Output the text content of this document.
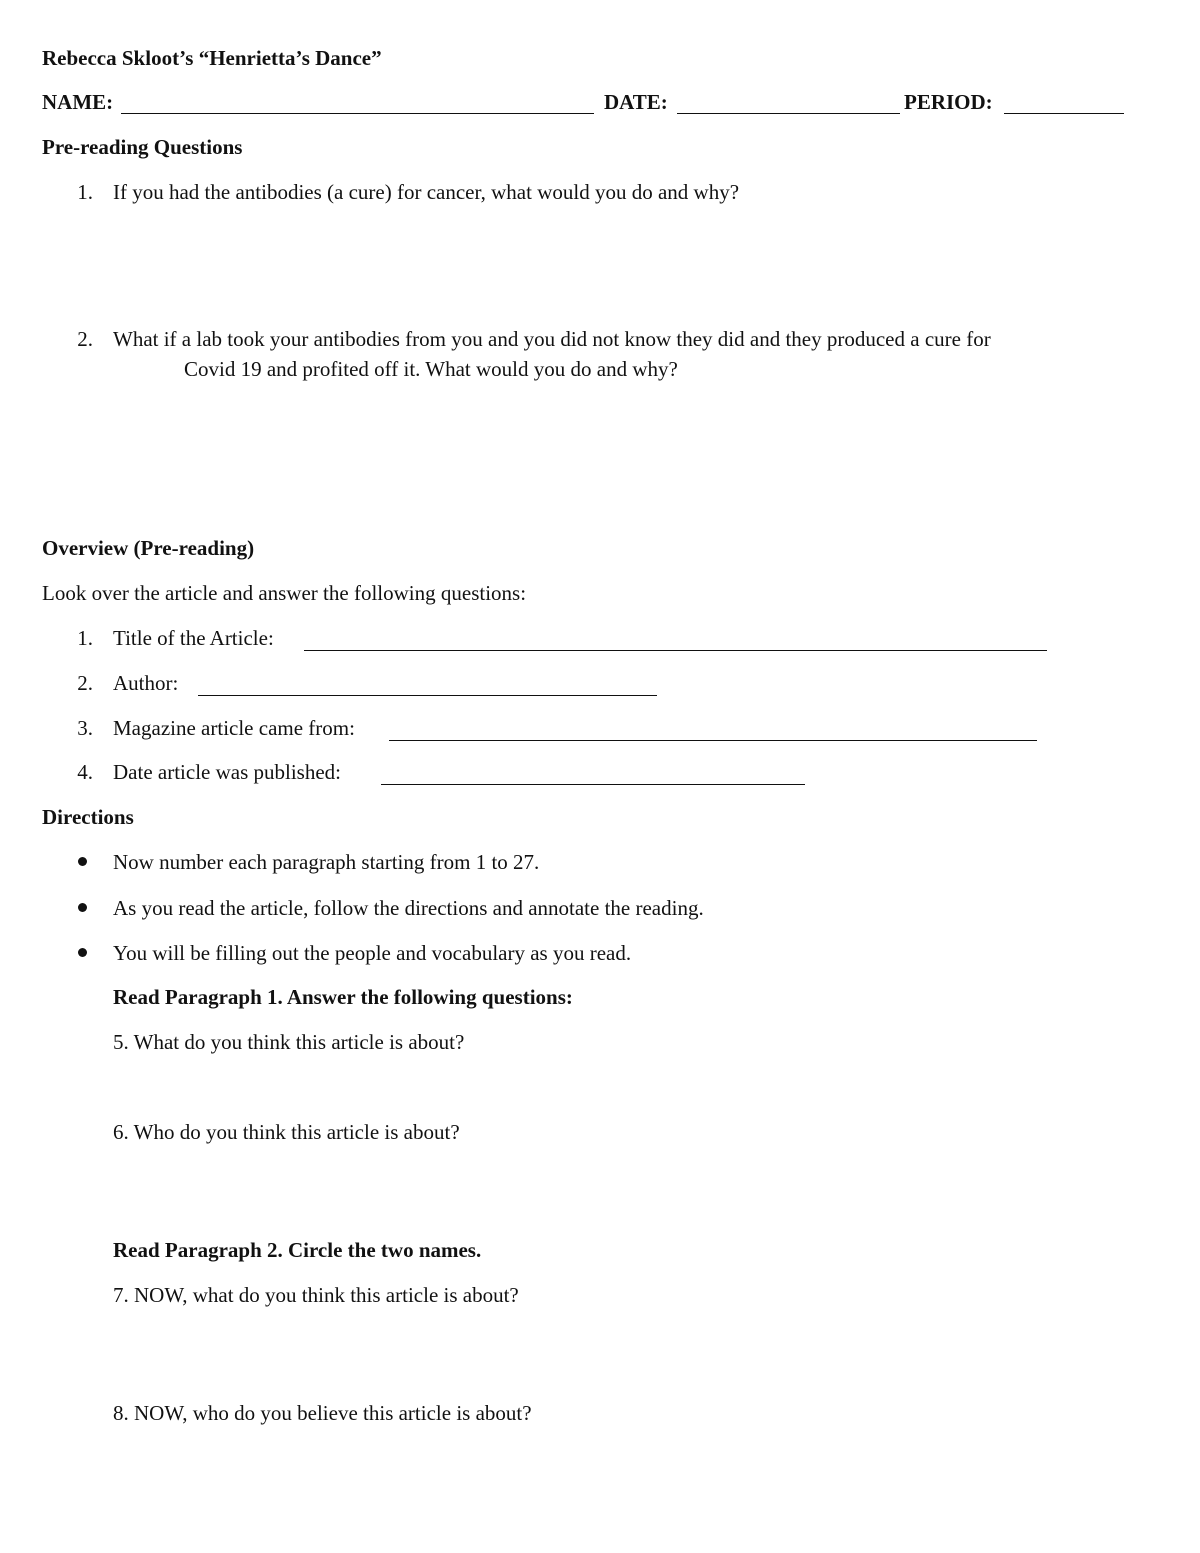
Rebecca Skloot’s “Henrietta’s Dance”
NAME:	DATE:	PERIOD:
Pre-reading Questions
1. If you had the antibodies (a cure) for cancer, what would you do and why?
2. What if a lab took your antibodies from you and you did not know they did and they produced a cure for
Covid 19 and profited off it. What would you do and why?
Overview (Pre-reading)
Look over the article and answer the following questions:
1. Title of the Article:
2. Author:
3. Magazine article came from:
4. Date article was published:
Directions
Now number each paragraph starting from 1 to 27.
As you read the article, follow the directions and annotate the reading.
You will be filling out the people and vocabulary as you read.
Read Paragraph 1. Answer the following questions:
5. What do you think this article is about?
6. Who do you think this article is about?
Read Paragraph 2. Circle the two names.
7. NOW, what do you think this article is about?
8. NOW, who do you believe this article is about?
